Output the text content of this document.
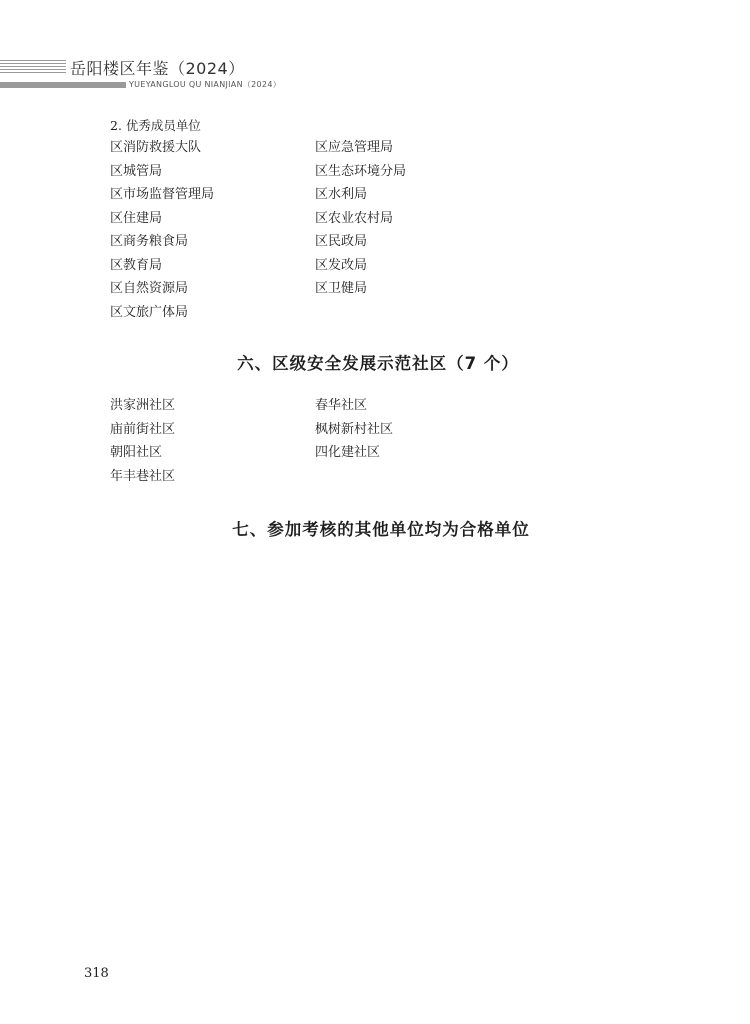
岳阳楼区年鉴（2024）
YUEYANGLOU QU NIANJIAN（2024）
2. 优秀成员单位
区消防救援大队	区应急管理局
区城管局	区生态环境分局
区市场监督管理局	区水利局
区住建局	区农业农村局
区商务粮食局	区民政局
区教育局	区发改局
区自然资源局	区卫健局
区文旅广体局
六、区级安全发展示范社区（7 个）
洪家洲社区	春华社区
庙前街社区	枫树新村社区
朝阳社区	四化建社区
年丰巷社区
七、参加考核的其他单位均为合格单位
318
